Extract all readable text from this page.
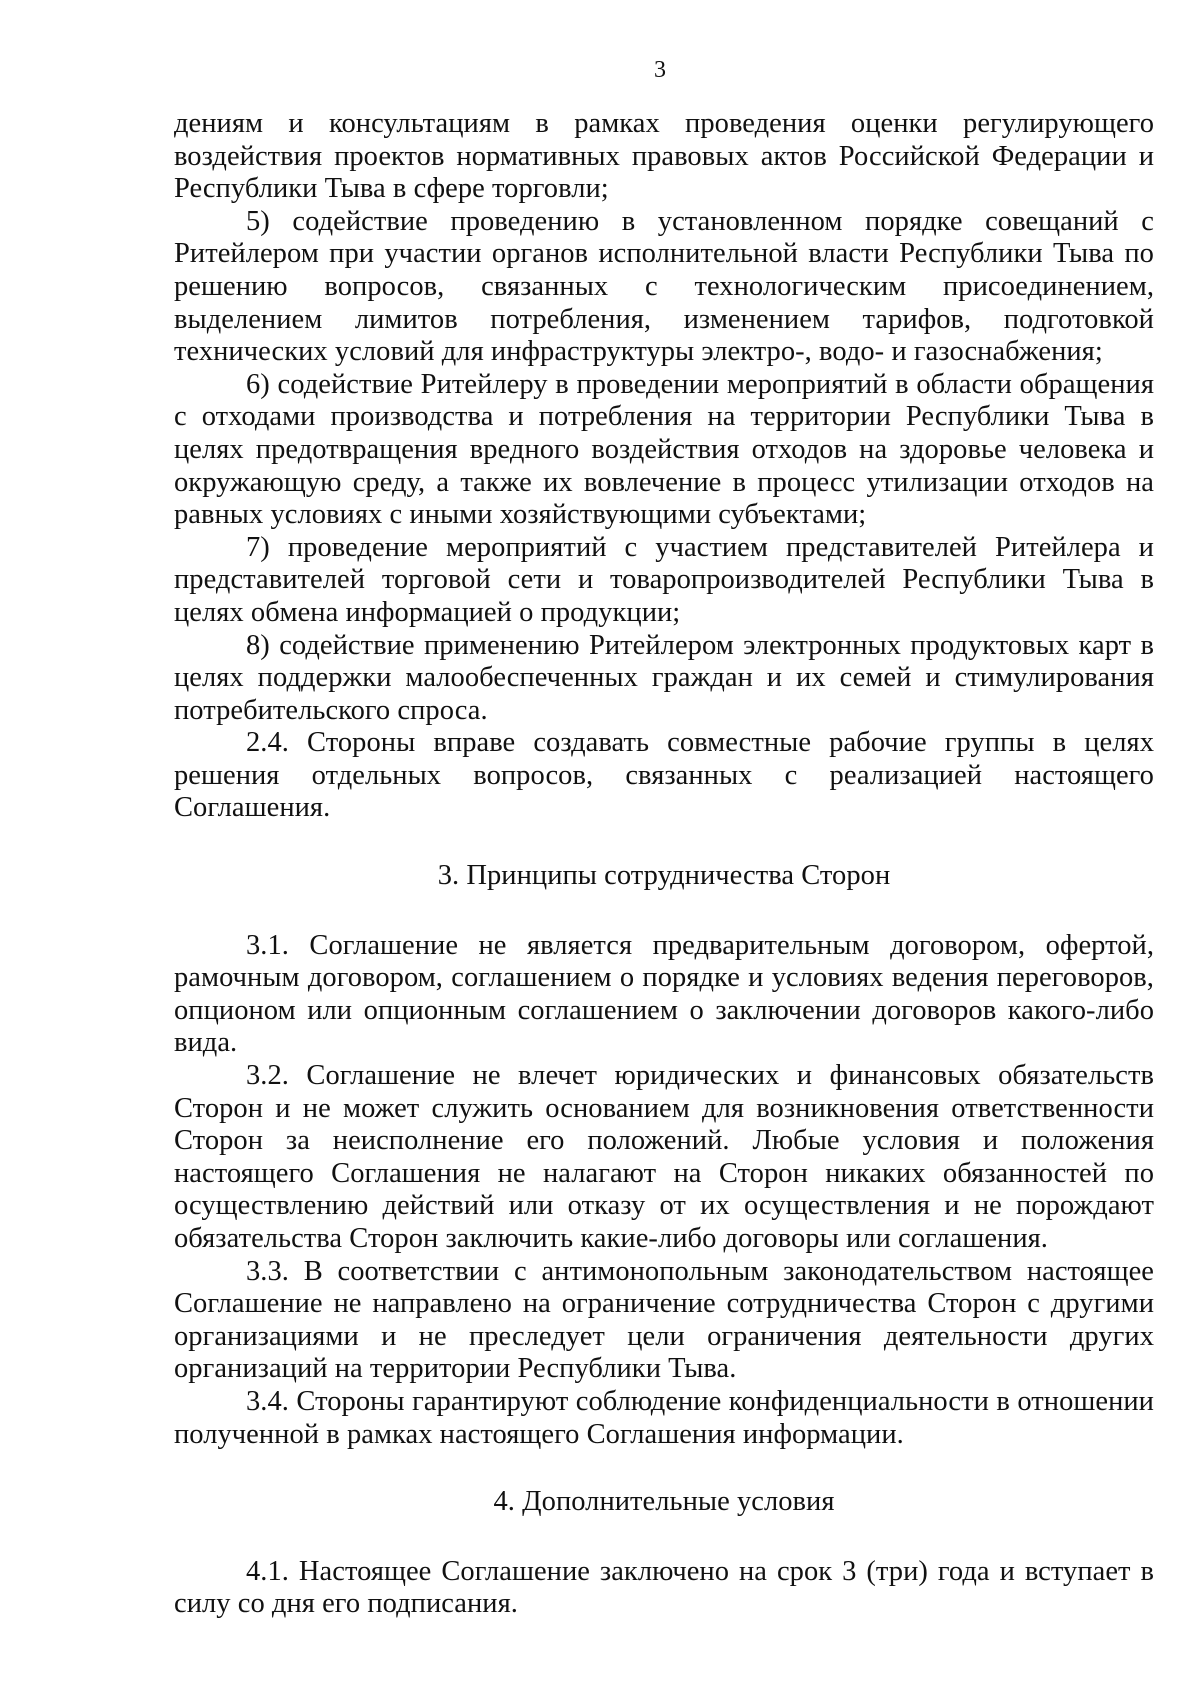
3

дениям и консультациям в рамках проведения оценки регулирующего воздействия проектов нормативных правовых актов Российской Федерации и Республики Тыва в сфере торговли;

5) содействие проведению в установленном порядке совещаний с Ритейлером при участии органов исполнительной власти Республики Тыва по решению вопросов, связанных с технологическим присоединением, выделением лимитов потребления, изменением тарифов, подготовкой технических условий для инфраструктуры электро-, водо- и газоснабжения;

6) содействие Ритейлеру в проведении мероприятий в области обращения с отходами производства и потребления на территории Республики Тыва в целях предотвращения вредного воздействия отходов на здоровье человека и окружающую среду, а также их вовлечение в процесс утилизации отходов на равных условиях с иными хозяйствующими субъектами;

7) проведение мероприятий с участием представителей Ритейлера и представителей торговой сети и товаропроизводителей Республики Тыва в целях обмена информацией о продукции;

8) содействие применению Ритейлером электронных продуктовых карт в целях поддержки малообеспеченных граждан и их семей и стимулирования потребительского спроса.

2.4. Стороны вправе создавать совместные рабочие группы в целях решения отдельных вопросов, связанных с реализацией настоящего Соглашения.

3. Принципы сотрудничества Сторон

3.1. Соглашение не является предварительным договором, офертой, рамочным договором, соглашением о порядке и условиях ведения переговоров, опционом или опционным соглашением о заключении договоров какого-либо вида.

3.2. Соглашение не влечет юридических и финансовых обязательств Сторон и не может служить основанием для возникновения ответственности Сторон за неисполнение его положений. Любые условия и положения настоящего Соглашения не налагают на Сторон никаких обязанностей по осуществлению действий или отказу от их осуществления и не порождают обязательства Сторон заключить какие-либо договоры или соглашения.

3.3. В соответствии с антимонопольным законодательством настоящее Соглашение не направлено на ограничение сотрудничества Сторон с другими организациями и не преследует цели ограничения деятельности других организаций на территории Республики Тыва.

3.4. Стороны гарантируют соблюдение конфиденциальности в отношении полученной в рамках настоящего Соглашения информации.

4. Дополнительные условия

4.1. Настоящее Соглашение заключено на срок 3 (три) года и вступает в силу со дня его подписания.
